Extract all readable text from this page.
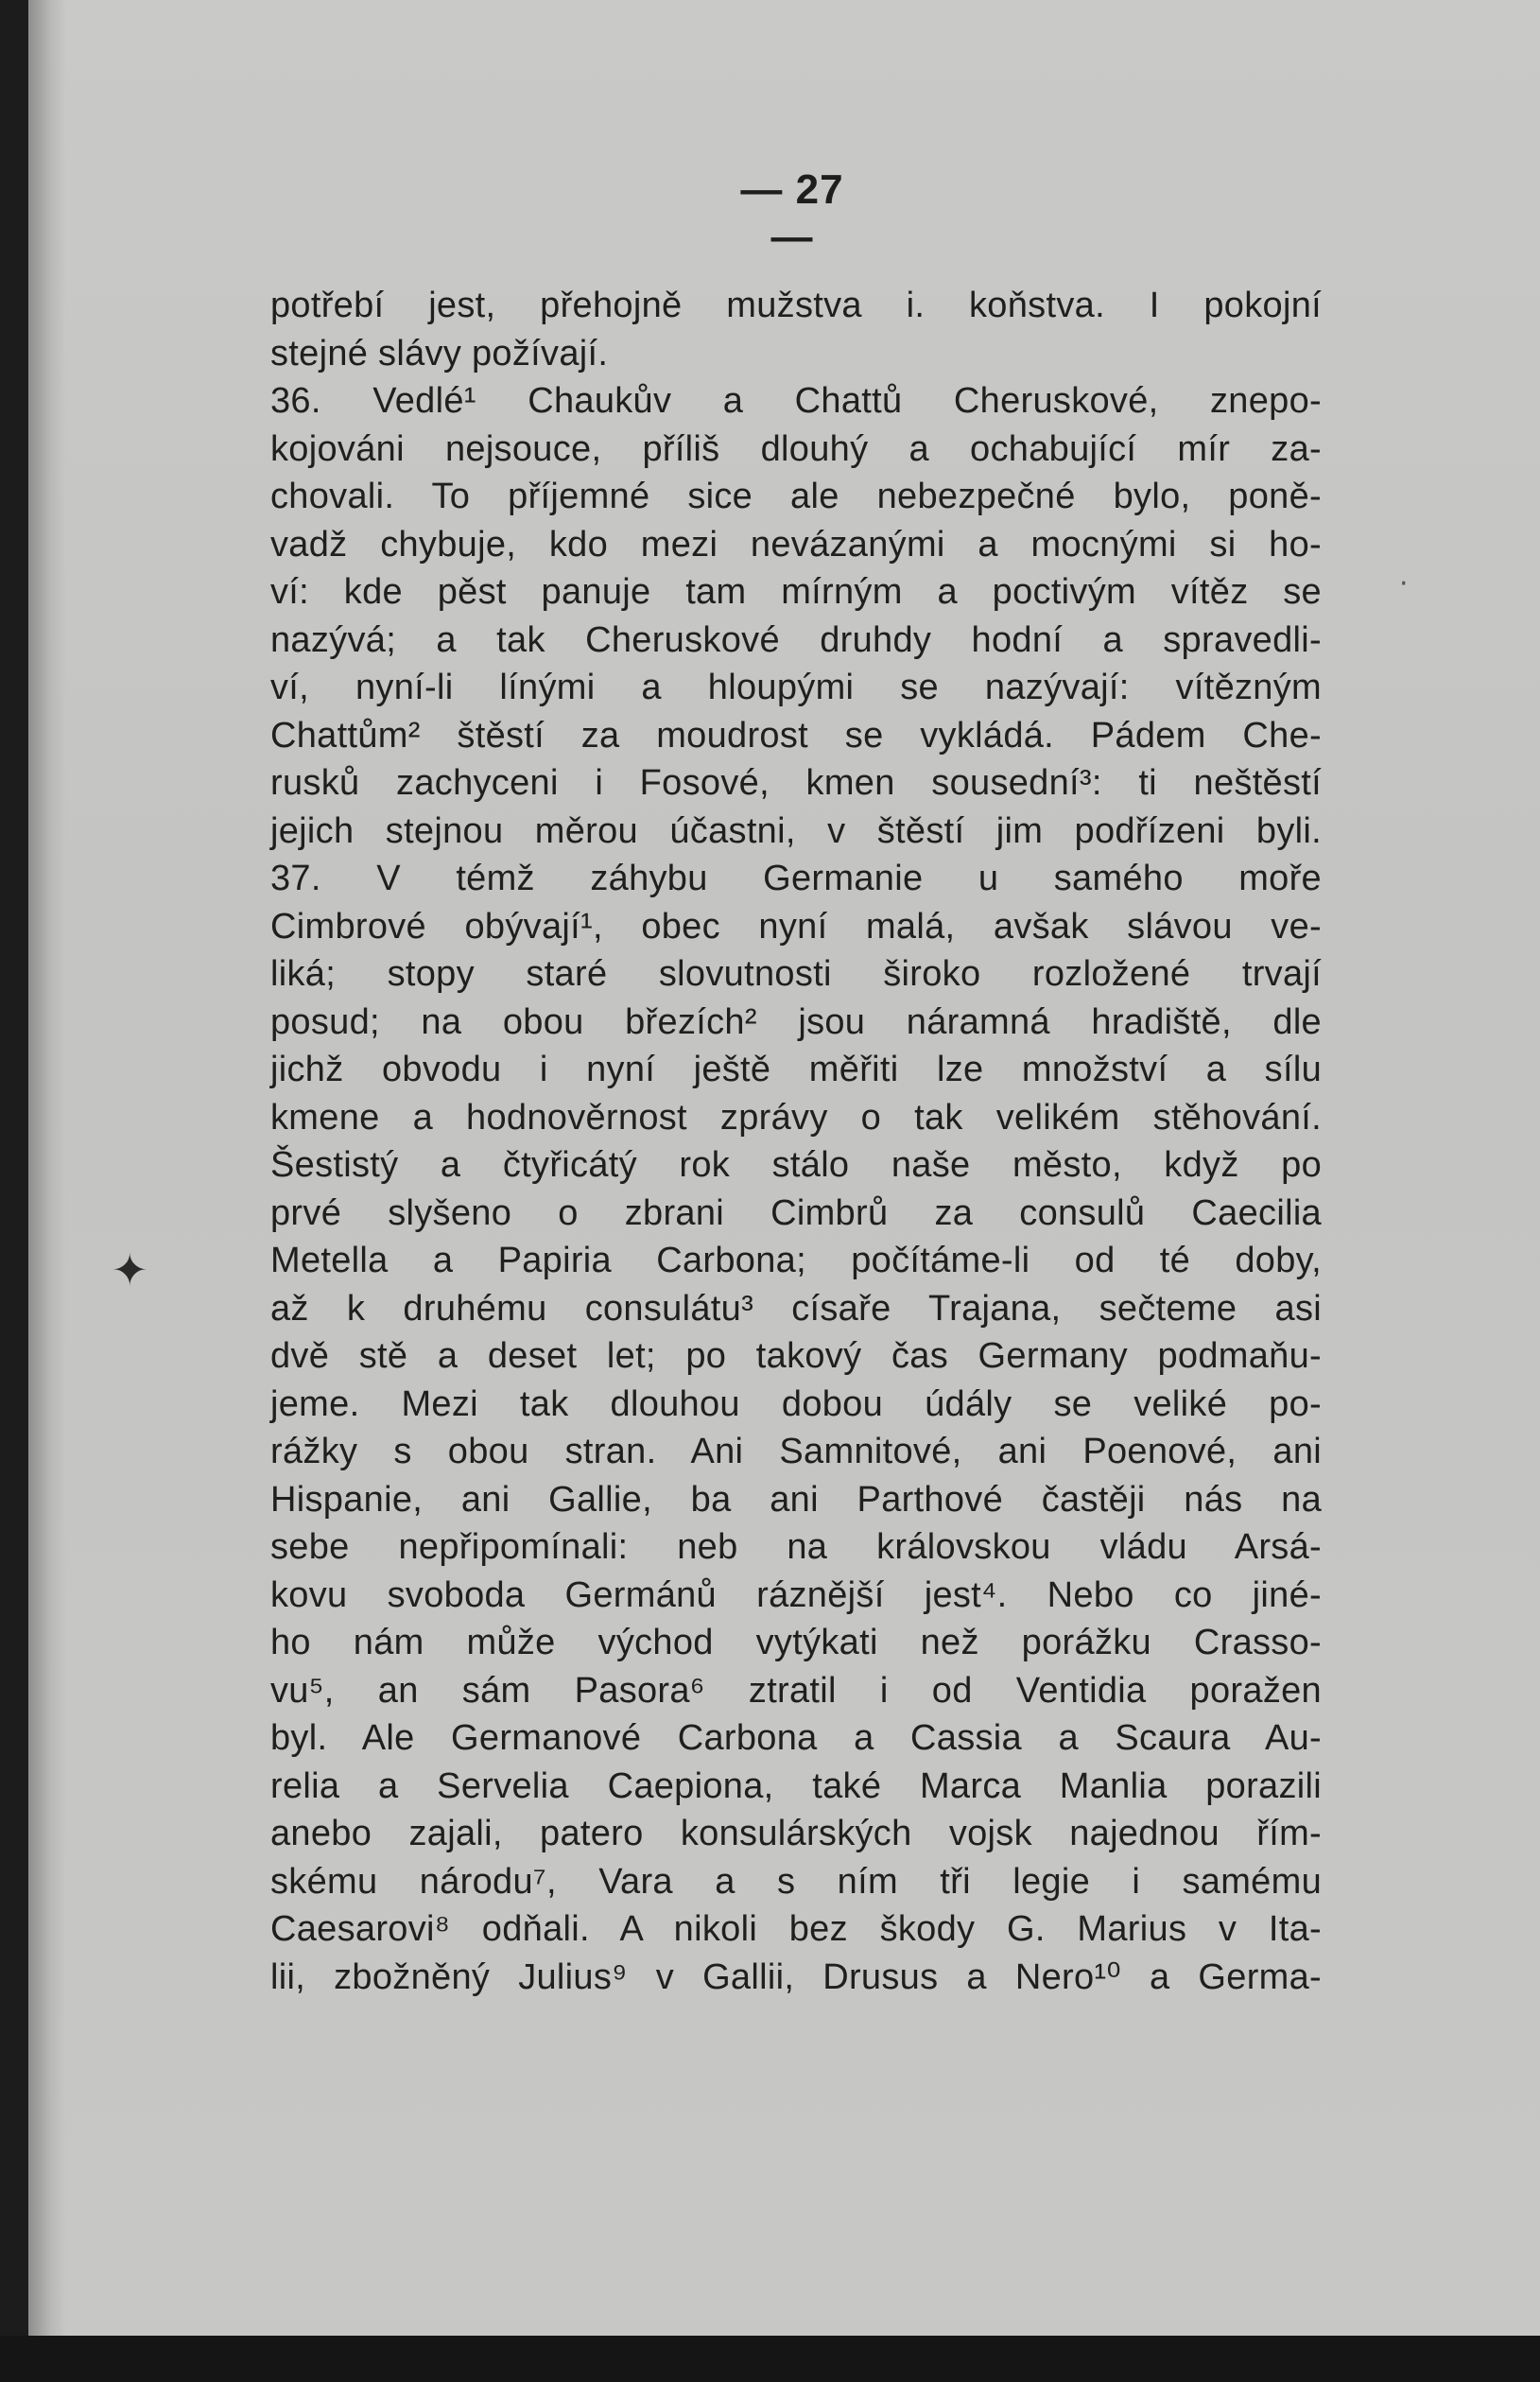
— 27 —
✦
·
potřebí jest, přehojně mužstva i. koňstva. I pokojní
stejné slávy požívají.
36. Vedlé¹ Chaukův a Chattů Cheruskové, znepo-
kojováni nejsouce, příliš dlouhý a ochabující mír za-
chovali. To příjemné sice ale nebezpečné bylo, poně-
vadž chybuje, kdo mezi nevázanými a mocnými si ho-
ví: kde pěst panuje tam mírným a poctivým vítěz se
nazývá; a tak Cheruskové druhdy hodní a spravedli-
ví, nyní-li línými a hloupými se nazývají: vítězným
Chattům² štěstí za moudrost se vykládá. Pádem Che-
rusků zachyceni i Fosové, kmen sousední³: ti neštěstí
jejich stejnou měrou účastni, v štěstí jim podřízeni byli.
37. V témž záhybu Germanie u samého moře
Cimbrové obývají¹, obec nyní malá, avšak slávou ve-
liká; stopy staré slovutnosti široko rozložené trvají
posud; na obou březích² jsou náramná hradiště, dle
jichž obvodu i nyní ještě měřiti lze množství a sílu
kmene a hodnověrnost zprávy o tak velikém stěhování.
Šestistý a čtyřicátý rok stálo naše město, když po
prvé slyšeno o zbrani Cimbrů za consulů Caecilia
Metella a Papiria Carbona; počítáme-li od té doby,
až k druhému consulátu³ císaře Trajana, sečteme asi
dvě stě a deset let; po takový čas Germany podmaňu-
jeme. Mezi tak dlouhou dobou údály se veliké po-
rážky s obou stran. Ani Samnitové, ani Poenové, ani
Hispanie, ani Gallie, ba ani Parthové častěji nás na
sebe nepřipomínali: neb na královskou vládu Arsá-
kovu svoboda Germánů ráznější jest⁴. Nebo co jiné-
ho nám může východ vytýkati než porážku Crasso-
vu⁵, an sám Pasora⁶ ztratil i od Ventidia poražen
byl. Ale Germanové Carbona a Cassia a Scaura Au-
relia a Servelia Caepiona, také Marca Manlia porazili
anebo zajali, patero konsulárských vojsk najednou řím-
skému národu⁷, Vara a s ním tři legie i samému
Caesarovi⁸ odňali. A nikoli bez škody G. Marius v Ita-
lii, zbožněný Julius⁹ v Gallii, Drusus a Nero¹⁰ a Germa-
